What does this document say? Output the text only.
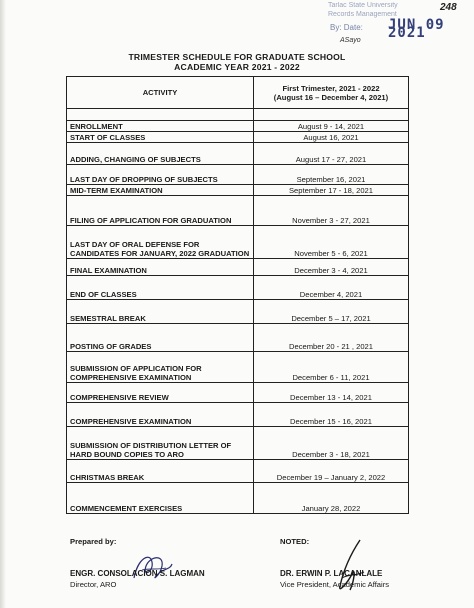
Tarlac State University
Records Management
By: Date: JUN 09 2021
248
ASayo
TRIMESTER SCHEDULE FOR GRADUATE SCHOOL
ACADEMIC YEAR 2021 - 2022
ACTIVITY	First Trimester, 2021 - 2022
(August 16 – December 4, 2021)

ENROLLMENT	August 9 - 14, 2021
START OF CLASSES	August 16, 2021
ADDING, CHANGING OF SUBJECTS	August 17 - 27, 2021
LAST DAY OF DROPPING OF SUBJECTS	September 16, 2021
MID-TERM EXAMINATION	September 17 - 18, 2021
FILING OF APPLICATION FOR GRADUATION	November 3 - 27, 2021
LAST DAY OF ORAL DEFENSE FOR CANDIDATES FOR JANUARY, 2022 GRADUATION	November 5 - 6, 2021
FINAL EXAMINATION	December 3 - 4, 2021
END OF CLASSES	December 4, 2021
SEMESTRAL BREAK	December 5 – 17, 2021
POSTING OF GRADES	December 20 - 21 , 2021
SUBMISSION OF APPLICATION FOR COMPREHENSIVE EXAMINATION	December 6 - 11, 2021
COMPREHENSIVE REVIEW	December 13 - 14, 2021
COMPREHENSIVE EXAMINATION	December 15 - 16, 2021
SUBMISSION OF DISTRIBUTION LETTER OF HARD BOUND COPIES TO ARO	December 3 - 18, 2021
CHRISTMAS BREAK	December 19 – January 2, 2022
COMMENCEMENT EXERCISES	January 28, 2022
Prepared by:	NOTED:
ENGR. CONSOLACION S. LAGMAN
Director, ARO
DR. ERWIN P. LACANLALE
Vice President, Academic Affairs
